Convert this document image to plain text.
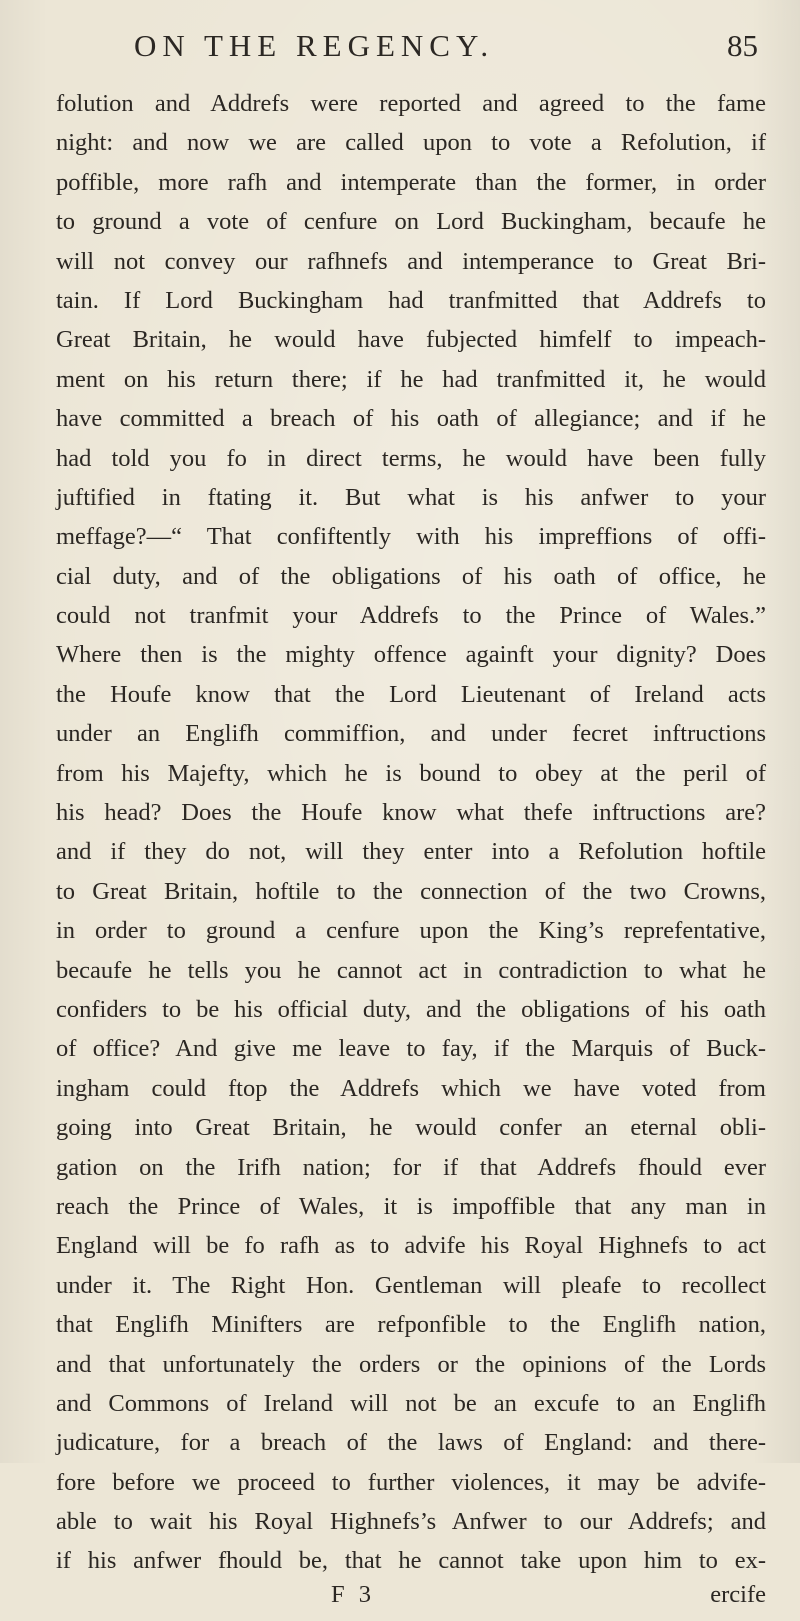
ON THE REGENCY.	85
folution and Addrefs were reported and agreed to the fame
night: and now we are called upon to vote a Refolution, if
poffible, more rafh and intemperate than the former, in order
to ground a vote of cenfure on Lord Buckingham, becaufe he
will not convey our rafhnefs and intemperance to Great Bri-
tain. If Lord Buckingham had tranfmitted that Addrefs to
Great Britain, he would have fubjected himfelf to impeach-
ment on his return there; if he had tranfmitted it, he would
have committed a breach of his oath of allegiance; and if he
had told you fo in direct terms, he would have been fully
juftified in ftating it. But what is his anfwer to your
meffage?—“ That confiftently with his impreffions of offi-
cial duty, and of the obligations of his oath of office, he
could not tranfmit your Addrefs to the Prince of Wales.”
Where then is the mighty offence againft your dignity? Does
the Houfe know that the Lord Lieutenant of Ireland acts
under an Englifh commiffion, and under fecret inftructions
from his Majefty, which he is bound to obey at the peril of
his head? Does the Houfe know what thefe inftructions are?
and if they do not, will they enter into a Refolution hoftile
to Great Britain, hoftile to the connection of the two Crowns,
in order to ground a cenfure upon the King’s reprefentative,
becaufe he tells you he cannot act in contradiction to what he
confiders to be his official duty, and the obligations of his oath
of office? And give me leave to fay, if the Marquis of Buck-
ingham could ftop the Addrefs which we have voted from
going into Great Britain, he would confer an eternal obli-
gation on the Irifh nation; for if that Addrefs fhould ever
reach the Prince of Wales, it is impoffible that any man in
England will be fo rafh as to advife his Royal Highnefs to act
under it. The Right Hon. Gentleman will pleafe to recollect
that Englifh Minifters are refponfible to the Englifh nation,
and that unfortunately the orders or the opinions of the Lords
and Commons of Ireland will not be an excufe to an Englifh
judicature, for a breach of the laws of England: and there-
fore before we proceed to further violences, it may be advife-
able to wait his Royal Highnefs’s Anfwer to our Addrefs; and
if his anfwer fhould be, that he cannot take upon him to ex-
F 3	ercife
